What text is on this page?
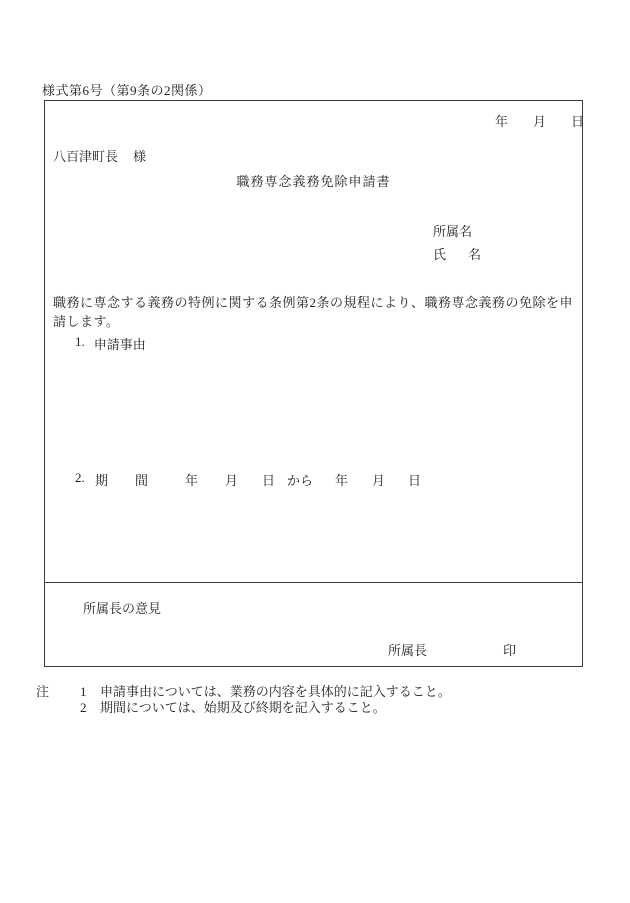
様式第6号（第9条の2関係）
年 月 日
八百津町長 様
職務専念義務免除申請書
所属名
氏 名
職務に専念する義務の特例に関する条例第2条の規程により、職務専念義務の免除を申請します。
1. 申請事由
2. 期 間	年 月 日 から 年 月 日
所属長の意見
所属長	印
注	1	申請事由については、業務の内容を具体的に記入すること。
2	期間については、始期及び終期を記入すること。
